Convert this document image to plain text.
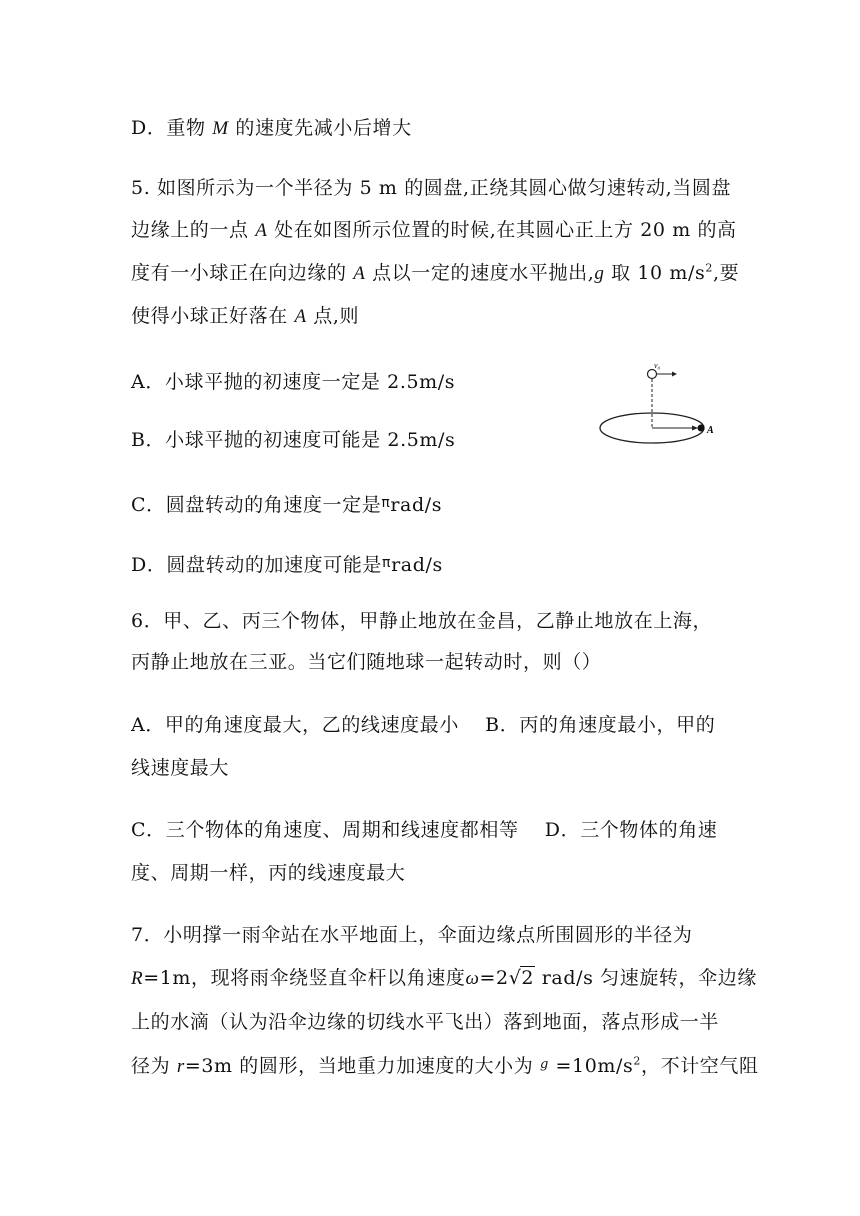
D．重物 M 的速度先减小后增大
5. 如图所示为一个半径为 5 m 的圆盘,正绕其圆心做匀速转动,当圆盘
边缘上的一点 A 处在如图所示位置的时候,在其圆心正上方 20 m 的高
度有一小球正在向边缘的 A 点以一定的速度水平抛出,g 取 10 $m/s^2$,要
使得小球正好落在 A 点,则
A．小球平抛的初速度一定是 2.5m/s
B．小球平抛的初速度可能是 2.5m/s
C．圆盘转动的角速度一定是$^\pi$rad/s
D．圆盘转动的加速度可能是$^\pi$rad/s
v₀
A
6．甲、乙、丙三个物体，甲静止地放在金昌，乙静止地放在上海，
丙静止地放在三亚。当它们随地球一起转动时，则（）
A．甲的角速度最大，乙的线速度最小　 B．丙的角速度最小，甲的
线速度最大
C．三个物体的角速度、周期和线速度都相等　 D．三个物体的角速
度、周期一样，丙的线速度最大
7．小明撑一雨伞站在水平地面上，伞面边缘点所围圆形的半径为
R=1m，现将雨伞绕竖直伞杆以角速度ω=2√2 rad/s 匀速旋转，伞边缘
上的水滴（认为沿伞边缘的切线水平飞出）落到地面，落点形成一半
径为 r=3m 的圆形，当地重力加速度的大小为 $^g =10m/s^2$，不计空气阻
